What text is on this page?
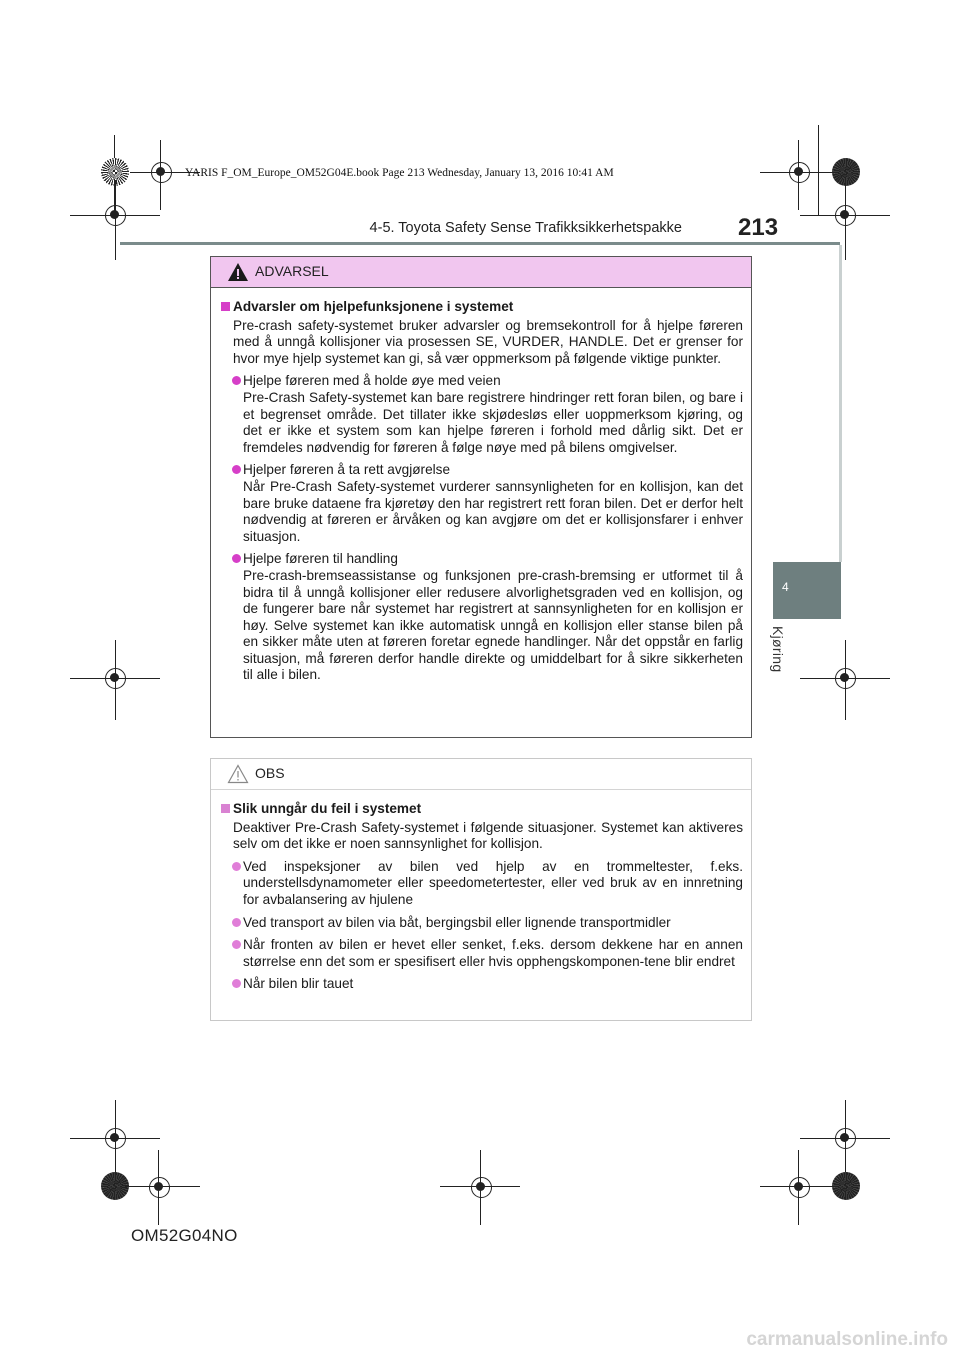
YARIS F_OM_Europe_OM52G04E.book Page 213 Wednesday, January 13, 2016 10:41 AM
4-5. Toyota Safety Sense Trafikksikkerhetspakke 213
4
Kjøring
ADVARSEL
Advarsler om hjelpefunksjonene i systemet
Pre-crash safety-systemet bruker advarsler og bremsekontroll for å hjelpe føreren med å unngå kollisjoner via prosessen SE, VURDER, HANDLE. Det er grenser for hvor mye hjelp systemet kan gi, så vær oppmerksom på følgende viktige punkter.
Hjelpe føreren med å holde øye med veien
Pre-Crash Safety-systemet kan bare registrere hindringer rett foran bilen, og bare i et begrenset område. Det tillater ikke skjødesløs eller uoppmerksom kjøring, og det er ikke et system som kan hjelpe føreren i forhold med dårlig sikt. Det er fremdeles nødvendig for føreren å følge nøye med på bilens omgivelser.
Hjelper føreren å ta rett avgjørelse
Når Pre-Crash Safety-systemet vurderer sannsynligheten for en kollisjon, kan det bare bruke dataene fra kjøretøy den har registrert rett foran bilen. Det er derfor helt nødvendig at føreren er årvåken og kan avgjøre om det er kollisjonsfarer i enhver situasjon.
Hjelpe føreren til handling
Pre-crash-bremseassistanse og funksjonen pre-crash-bremsing er utformet til å bidra til å unngå kollisjoner eller redusere alvorlighetsgraden ved en kollisjon, og de fungerer bare når systemet har registrert at sannsynligheten for en kollisjon er høy. Selve systemet kan ikke automatisk unngå en kollisjon eller stanse bilen på en sikker måte uten at føreren foretar egnede handlinger. Når det oppstår en farlig situasjon, må føreren derfor handle direkte og umiddelbart for å sikre sikkerheten til alle i bilen.
OBS
Slik unngår du feil i systemet
Deaktiver Pre-Crash Safety-systemet i følgende situasjoner. Systemet kan aktiveres selv om det ikke er noen sannsynlighet for kollisjon.
Ved inspeksjoner av bilen ved hjelp av en trommeltester, f.eks. understellsdynamometer eller speedometertester, eller ved bruk av en innretning for avbalansering av hjulene
Ved transport av bilen via båt, bergingsbil eller lignende transportmidler
Når fronten av bilen er hevet eller senket, f.eks. dersom dekkene har en annen størrelse enn det som er spesifisert eller hvis opphengskomponen-tene blir endret
Når bilen blir tauet
OM52G04NO
carmanualsonline.info
